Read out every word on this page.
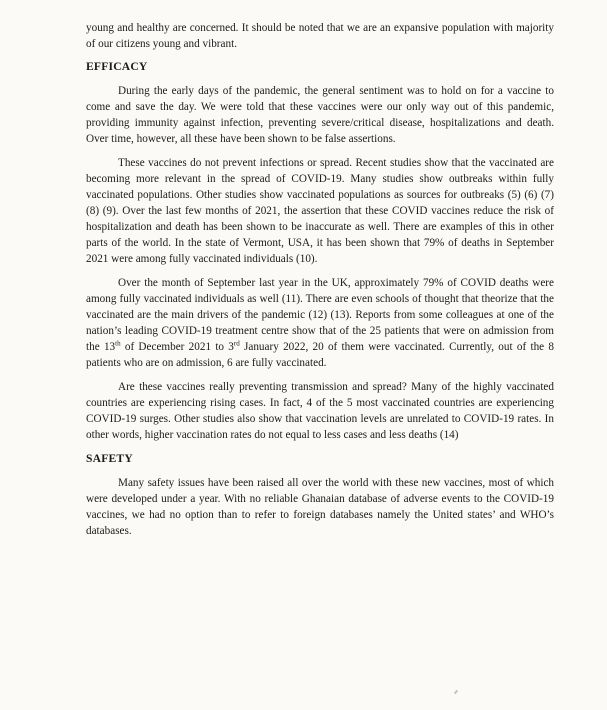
young and healthy are concerned. It should be noted that we are an expansive population with majority of our citizens young and vibrant.

EFFICACY

During the early days of the pandemic, the general sentiment was to hold on for a vaccine to come and save the day. We were told that these vaccines were our only way out of this pandemic, providing immunity against infection, preventing severe/critical disease, hospitalizations and death. Over time, however, all these have been shown to be false assertions.

These vaccines do not prevent infections or spread. Recent studies show that the vaccinated are becoming more relevant in the spread of COVID-19. Many studies show outbreaks within fully vaccinated populations. Other studies show vaccinated populations as sources for outbreaks (5) (6) (7) (8) (9). Over the last few months of 2021, the assertion that these COVID vaccines reduce the risk of hospitalization and death has been shown to be inaccurate as well. There are examples of this in other parts of the world. In the state of Vermont, USA, it has been shown that 79% of deaths in September 2021 were among fully vaccinated individuals (10).

Over the month of September last year in the UK, approximately 79% of COVID deaths were among fully vaccinated individuals as well (11). There are even schools of thought that theorize that the vaccinated are the main drivers of the pandemic (12) (13). Reports from some colleagues at one of the nation’s leading COVID-19 treatment centre show that of the 25 patients that were on admission from the 13th of December 2021 to 3rd January 2022, 20 of them were vaccinated. Currently, out of the 8 patients who are on admission, 6 are fully vaccinated.

Are these vaccines really preventing transmission and spread? Many of the highly vaccinated countries are experiencing rising cases. In fact, 4 of the 5 most vaccinated countries are experiencing COVID-19 surges. Other studies also show that vaccination levels are unrelated to COVID-19 rates. In other words, higher vaccination rates do not equal to less cases and less deaths (14)

SAFETY

Many safety issues have been raised all over the world with these new vaccines, most of which were developed under a year. With no reliable Ghanaian database of adverse events to the COVID-19 vaccines, we had no option than to refer to foreign databases namely the United states’ and WHO’s databases.
